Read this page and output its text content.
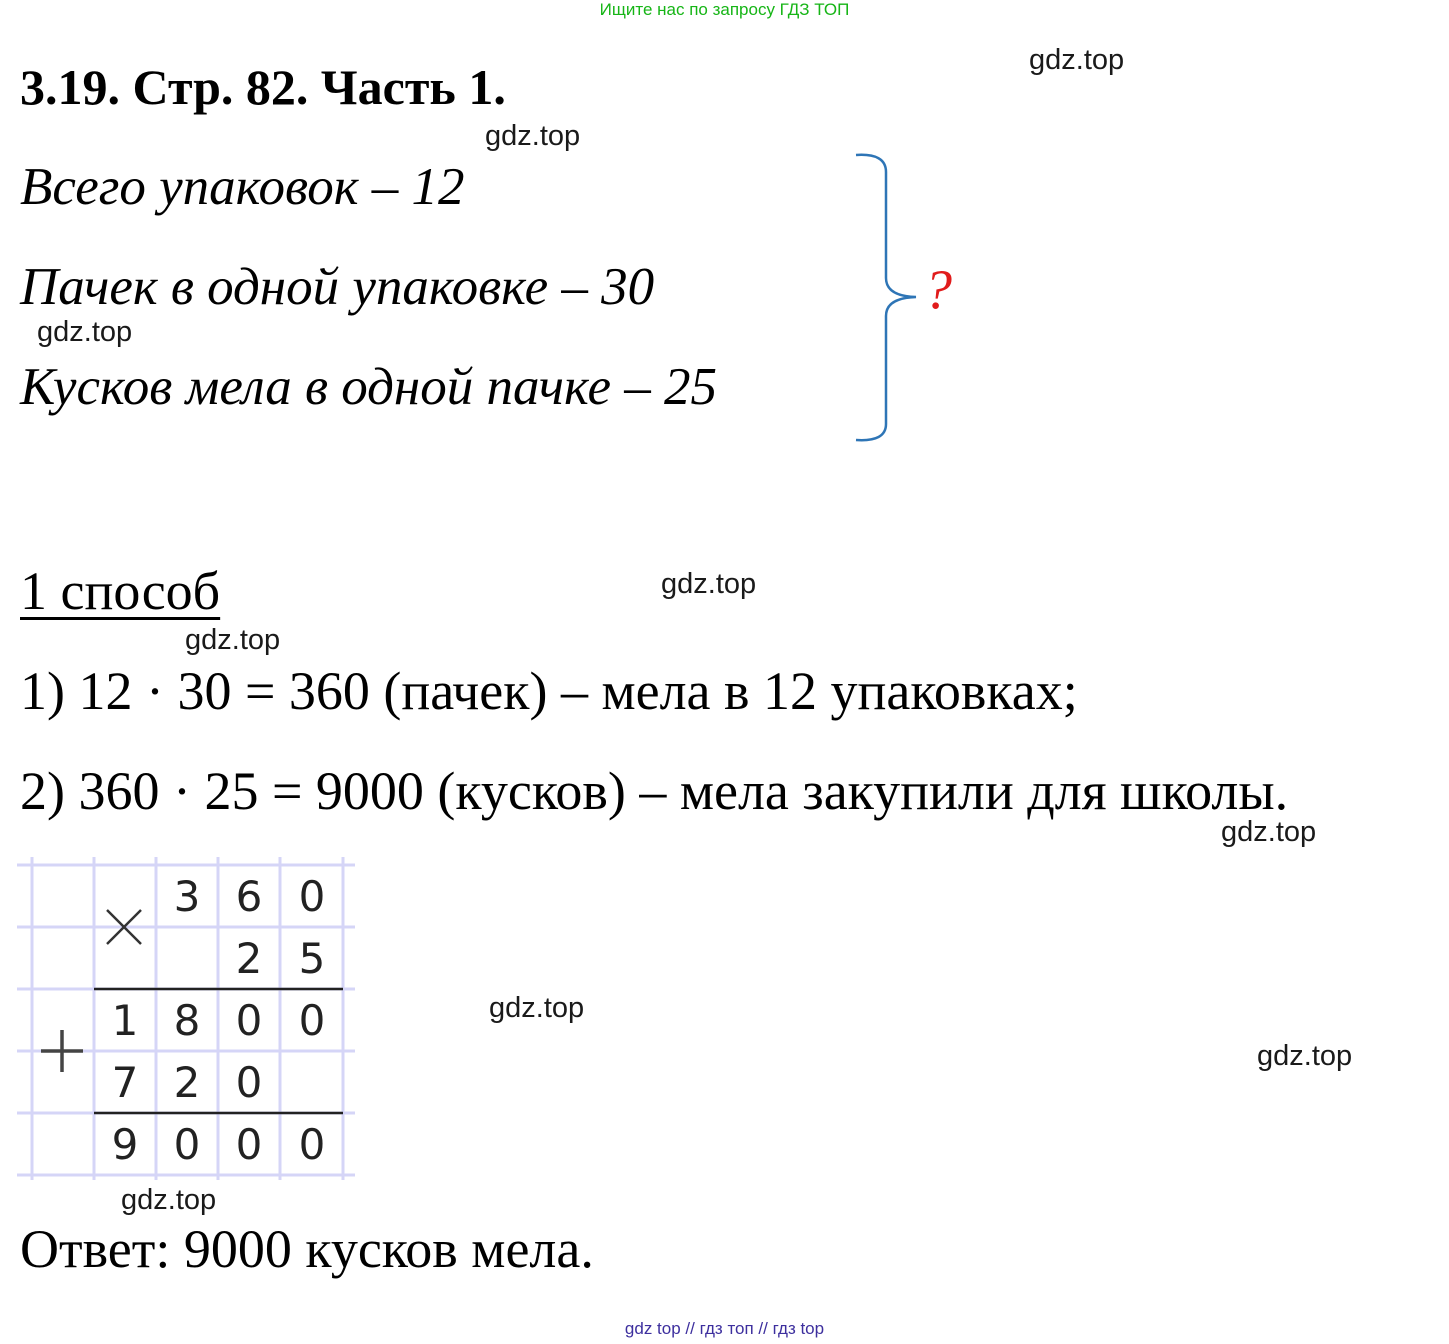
Ищите нас по запросу ГДЗ ТОП
3.19. Стр. 82. Часть 1.
Всего упаковок – 12
Пачек в одной упаковке – 30
Кусков мела в одной пачке – 25
?
1 способ
1) 12 · 30 = 360 (пачек) – мела в 12 упаковках;
2) 360 · 25 = 9000 (кусков) – мела закупили для школы.
3 6 0
2 5
1 8 0 0
7 2 0
9 0 0 0
Ответ: 9000 кусков мела.
gdz.top
gdz.top
gdz.top
gdz.top
gdz.top
gdz.top
gdz.top
gdz.top
gdz.top
gdz top // гдз топ // гдз top
